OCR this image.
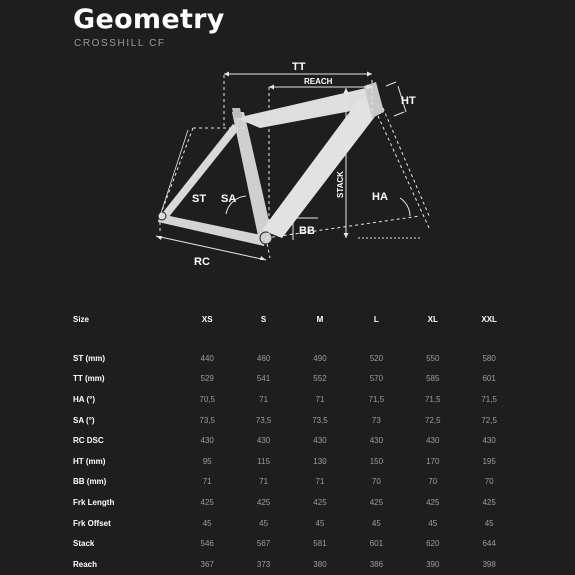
Geometry
CROSSHILL CF
TT
REACH
HT
ST SA
STACK HA
BB
RC
Size	XS	S	M	L	XL	XXL

ST (mm)	440	460	490	520	550	580
TT (mm)	529	541	552	570	585	601
HA (°)	70,5	71	71	71,5	71,5	71,5
SA (°)	73,5	73,5	73,5	73	72,5	72,5
RC DSC	430	430	430	430	430	430
HT (mm)	95	115	130	150	170	195
BB (mm)	71	71	71	70	70	70
Frk Length	425	425	425	425	425	425
Frk Offset	45	45	45	45	45	45
Stack	546	567	581	601	620	644
Reach	367	373	380	386	390	398
